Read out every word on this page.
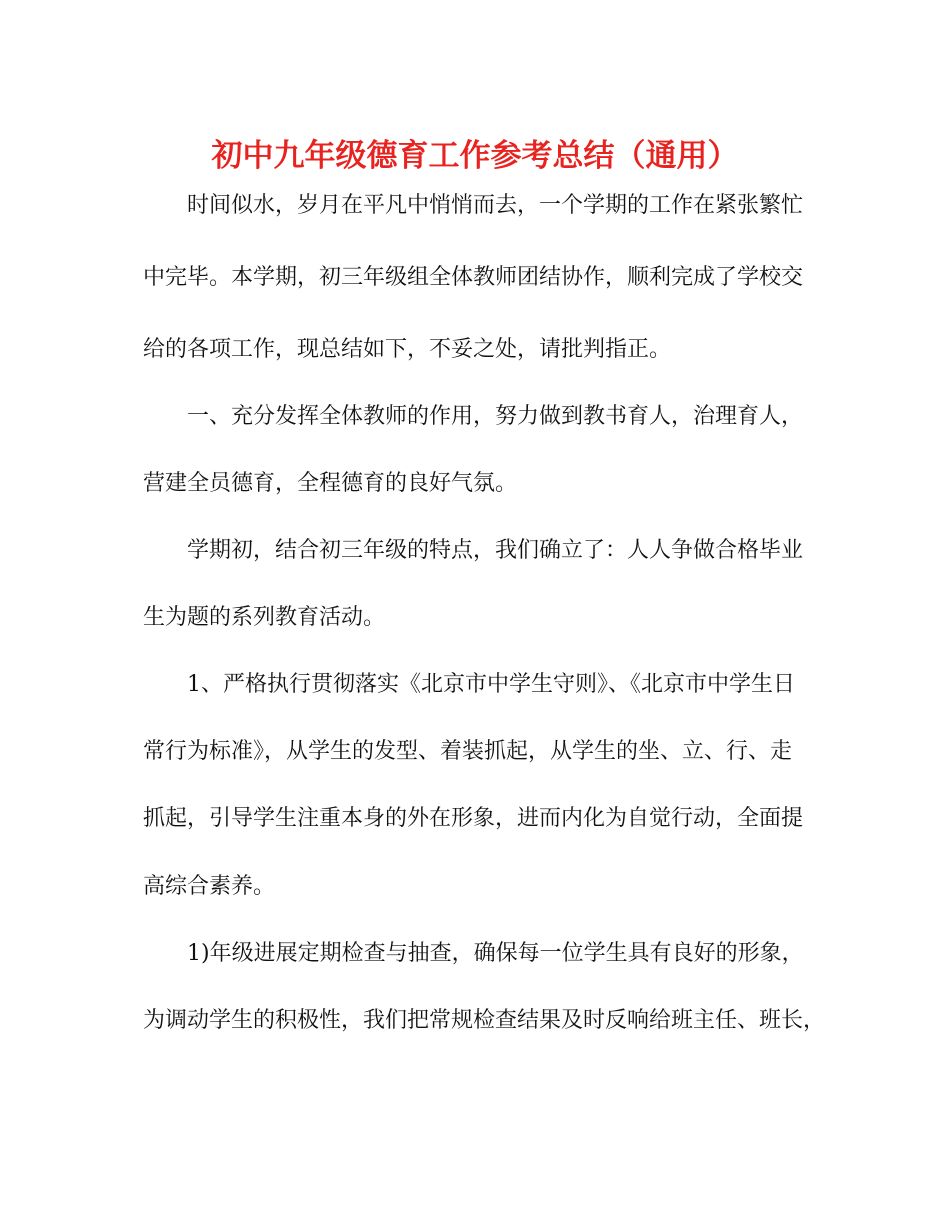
初中九年级德育工作参考总结（通用）

时间似水，岁月在平凡中悄悄而去，一个学期的工作在紧张繁忙

中完毕。本学期，初三年级组全体教师团结协作，顺利完成了学校交

给的各项工作，现总结如下，不妥之处，请批判指正。

一、充分发挥全体教师的作用，努力做到教书育人，治理育人，

营建全员德育，全程德育的良好气氛。

学期初，结合初三年级的特点，我们确立了：人人争做合格毕业

生为题的系列教育活动。

1、严格执行贯彻落实《北京市中学生守则》、《北京市中学生日

常行为标准》，从学生的发型、着装抓起，从学生的坐、立、行、走

抓起，引导学生注重本身的外在形象，进而内化为自觉行动，全面提

高综合素养。

1)年级进展定期检查与抽查，确保每一位学生具有良好的形象，

为调动学生的积极性，我们把常规检查结果及时反响给班主任、班长，
